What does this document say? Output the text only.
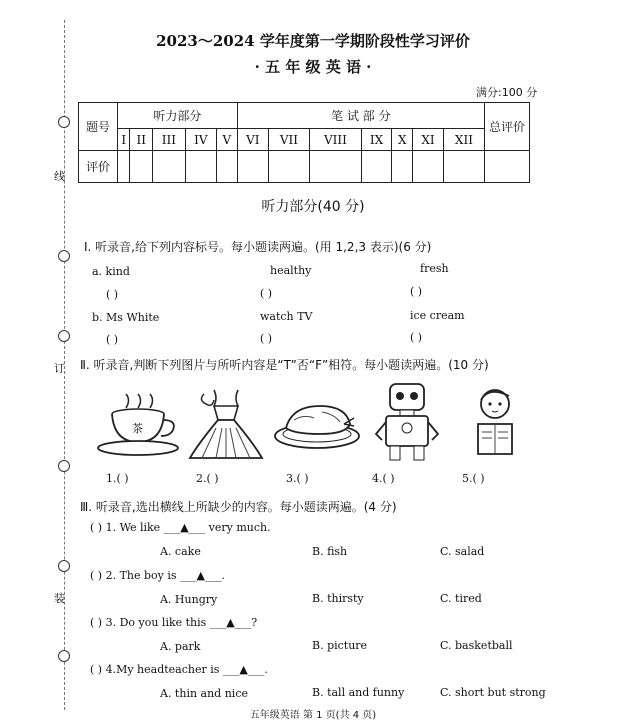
线
订
装
2023～2024 学年度第一学期阶段性学习评价
· 五 年 级 英 语 ·
满分:100 分
题号	听力部分					笔 试 部 分							总评价
	I	II	III	IV	V	VI	VII	VIII	IX	X	XI	XII	
评价													
听力部分(40 分)
Ⅰ. 听录音,给下列内容标号。每小题读两遍。(用 1,2,3 表示)(6 分)
a. kind	healthy	fresh
( )	( )	( )
b. Ms White	watch TV	ice cream
( )	( )	( )
Ⅱ. 听录音,判断下列图片与所听内容是“T”否“F”相符。每小题读两遍。(10 分)
茶
1.( )	2.( )	3.( )	4.( )	5.( )
Ⅲ. 听录音,选出横线上所缺少的内容。每小题读两遍。(4 分)
( ) 1. We like ___▲___ very much.
A. cake	B. fish	C. salad
( ) 2. The boy is ___▲___.
A. Hungry	B. thirsty	C. tired
( ) 3. Do you like this ___▲___?
A. park	B. picture	C. basketball
( ) 4.My headteacher is ___▲___.
A. thin and nice	B. tall and funny	C. short but strong
五年级英语 第 1 页(共 4 页)
